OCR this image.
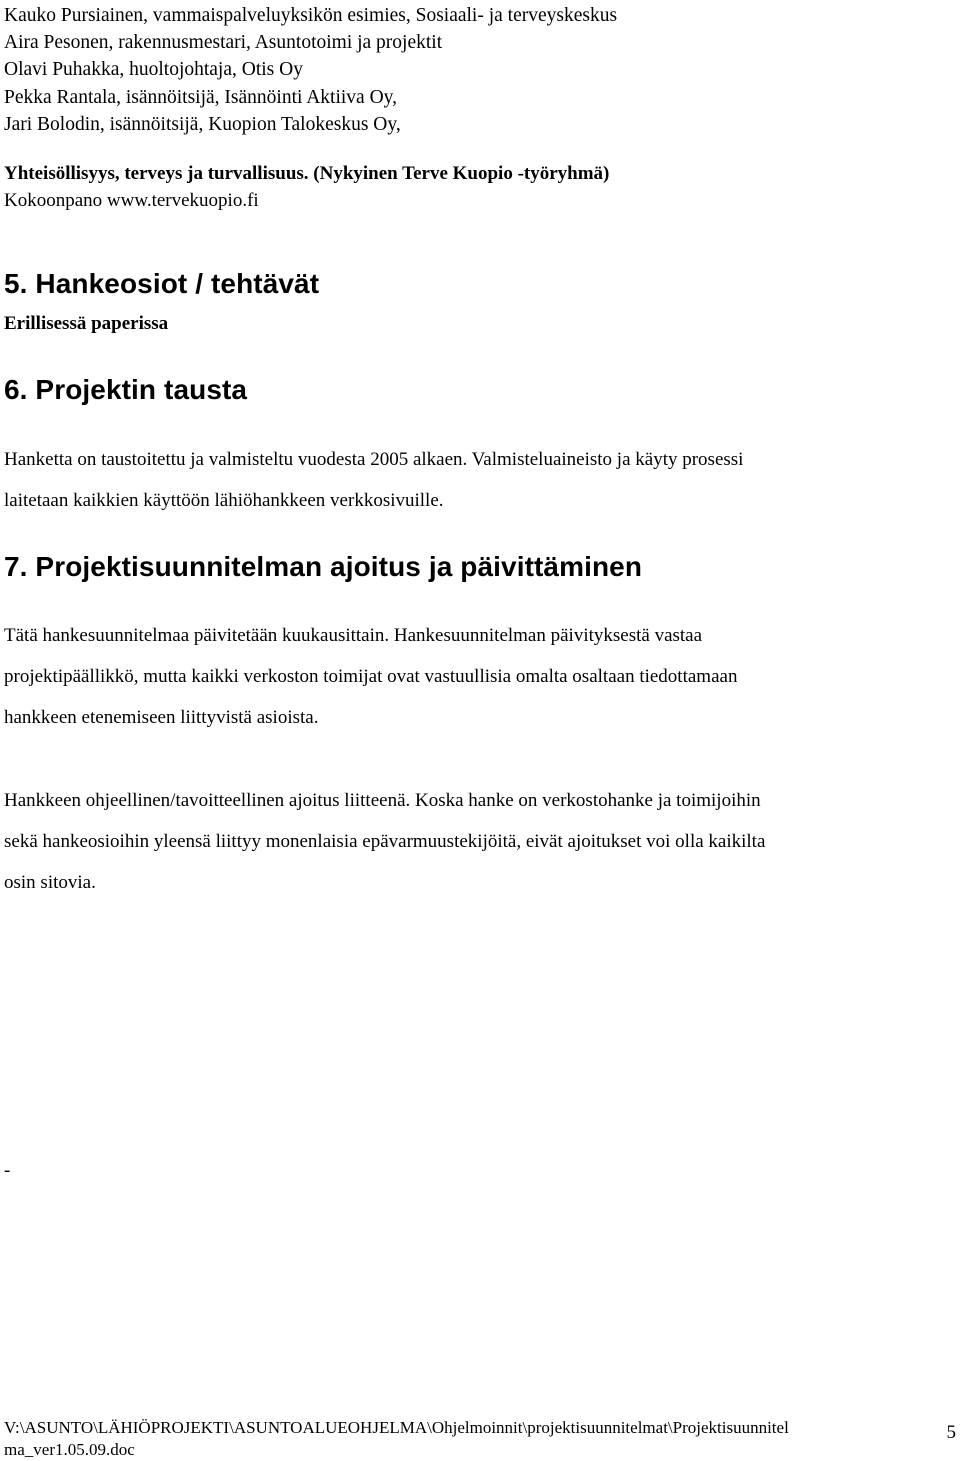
Kauko Pursiainen, vammaispalveluyksikön esimies, Sosiaali- ja terveyskeskus
Aira Pesonen, rakennusmestari, Asuntotoimi ja projektit
Olavi Puhakka, huoltojohtaja, Otis Oy
Pekka Rantala, isännöitsijä, Isännöinti Aktiiva Oy,
Jari Bolodin, isännöitsijä, Kuopion Talokeskus Oy,
Yhteisöllisyys, terveys ja turvallisuus. (Nykyinen Terve Kuopio -työryhmä)
Kokoonpano www.tervekuopio.fi
5. Hankeosiot / tehtävät
Erillisessä paperissa
6. Projektin tausta
Hanketta on taustoitettu ja valmisteltu vuodesta 2005 alkaen. Valmisteluaineisto ja käyty prosessi
laitetaan kaikkien käyttöön lähiöhankkeen verkkosivuille.
7. Projektisuunnitelman ajoitus ja päivittäminen
Tätä hankesuunnitelmaa päivitetään kuukausittain. Hankesuunnitelman päivityksestä vastaa
projektipäällikkö, mutta kaikki verkoston toimijat ovat vastuullisia omalta osaltaan tiedottamaan
hankkeen etenemiseen liittyvistä asioista.
Hankkeen ohjeellinen/tavoitteellinen ajoitus liitteenä. Koska hanke on verkostohanke ja toimijoihin
sekä hankeosioihin yleensä liittyy monenlaisia epävarmuustekijöitä, eivät ajoitukset voi olla kaikilta
osin sitovia.
-
V:\ASUNTO\LÄHIÖPROJEKTI\ASUNTOALUEOHJELMA\Ohjelmoinnit\projektisuunnitelmat\Projektisuunnitel
ma_ver1.05.09.doc
5
